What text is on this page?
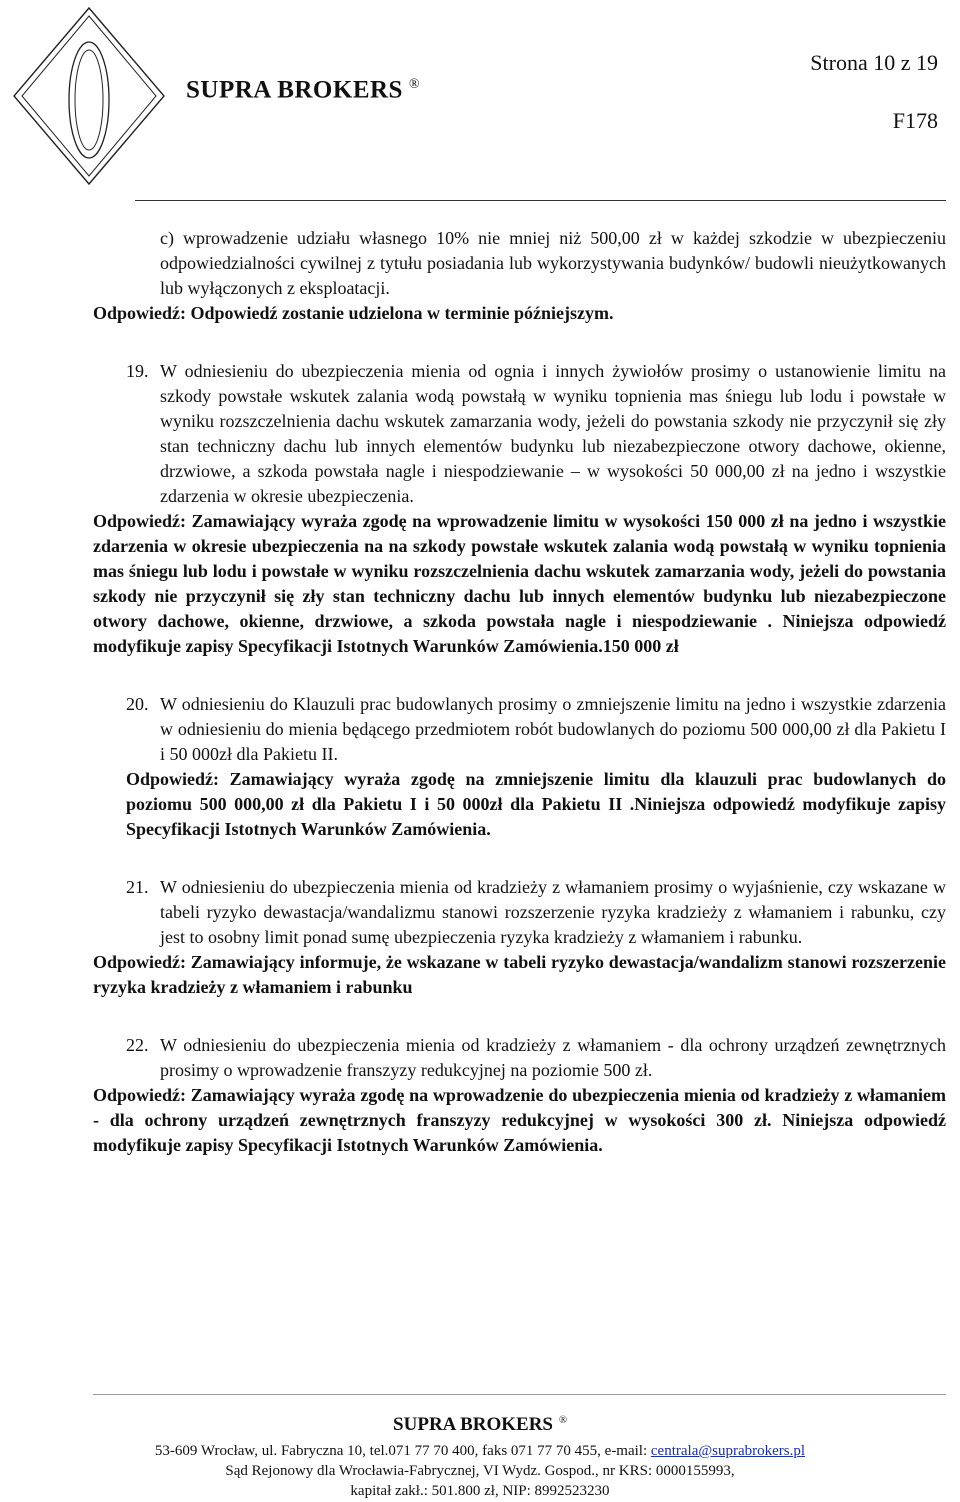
SUPRA BROKERS ®
Strona 10 z 19
F178

c) wprowadzenie udziału własnego 10% nie mniej niż 500,00 zł w każdej szkodzie w ubezpieczeniu odpowiedzialności cywilnej z tytułu posiadania lub wykorzystywania budynków/ budowli nieużytkowanych lub wyłączonych z eksploatacji.

Odpowiedź: Odpowiedź zostanie udzielona w terminie późniejszym.

19. W odniesieniu do ubezpieczenia mienia od ognia i innych żywiołów prosimy o ustanowienie limitu na szkody powstałe wskutek zalania wodą powstałą w wyniku topnienia mas śniegu lub lodu i powstałe w wyniku rozszczelnienia dachu wskutek zamarzania wody, jeżeli do powstania szkody nie przyczynił się zły stan techniczny dachu lub innych elementów budynku lub niezabezpieczone otwory dachowe, okienne, drzwiowe, a szkoda powstała nagle i niespodziewanie – w wysokości 50 000,00 zł na jedno i wszystkie zdarzenia w okresie ubezpieczenia.

Odpowiedź: Zamawiający wyraża zgodę na wprowadzenie limitu w wysokości 150 000 zł na jedno i wszystkie zdarzenia w okresie ubezpieczenia na na szkody powstałe wskutek zalania wodą powstałą w wyniku topnienia mas śniegu lub lodu i powstałe w wyniku rozszczelnienia dachu wskutek zamarzania wody, jeżeli do powstania szkody nie przyczynił się zły stan techniczny dachu lub innych elementów budynku lub niezabezpieczone otwory dachowe, okienne, drzwiowe, a szkoda powstała nagle i niespodziewanie . Niniejsza odpowiedź modyfikuje zapisy Specyfikacji Istotnych Warunków Zamówienia.150 000 zł

20. W odniesieniu do Klauzuli prac budowlanych prosimy o zmniejszenie limitu na jedno i wszystkie zdarzenia w odniesieniu do mienia będącego przedmiotem robót budowlanych do poziomu 500 000,00 zł dla Pakietu I i 50 000zł dla Pakietu II.

Odpowiedź: Zamawiający wyraża zgodę na zmniejszenie limitu dla klauzuli prac budowlanych do poziomu 500 000,00 zł dla Pakietu I i 50 000zł dla Pakietu II .Niniejsza odpowiedź modyfikuje zapisy Specyfikacji Istotnych Warunków Zamówienia.

21. W odniesieniu do ubezpieczenia mienia od kradzieży z włamaniem prosimy o wyjaśnienie, czy wskazane w tabeli ryzyko dewastacja/wandalizmu stanowi rozszerzenie ryzyka kradzieży z włamaniem i rabunku, czy jest to osobny limit ponad sumę ubezpieczenia ryzyka kradzieży z włamaniem i rabunku.

Odpowiedź: Zamawiający informuje, że wskazane w tabeli ryzyko dewastacja/wandalizm stanowi rozszerzenie ryzyka kradzieży z włamaniem i rabunku

22. W odniesieniu do ubezpieczenia mienia od kradzieży z włamaniem - dla ochrony urządzeń zewnętrznych prosimy o wprowadzenie franszyzy redukcyjnej na poziomie 500 zł.

Odpowiedź: Zamawiający wyraża zgodę na wprowadzenie do ubezpieczenia mienia od kradzieży z włamaniem - dla ochrony urządzeń zewnętrznych franszyzy redukcyjnej w wysokości 300 zł. Niniejsza odpowiedź modyfikuje zapisy Specyfikacji Istotnych Warunków Zamówienia.

SUPRA BROKERS ®
53-609 Wrocław, ul. Fabryczna 10, tel.071 77 70 400, faks 071 77 70 455, e-mail: centrala@suprabrokers.pl
Sąd Rejonowy dla Wrocławia-Fabrycznej, VI Wydz. Gospod., nr KRS: 0000155993,
kapitał zakł.: 501.800 zł, NIP: 8992523230
